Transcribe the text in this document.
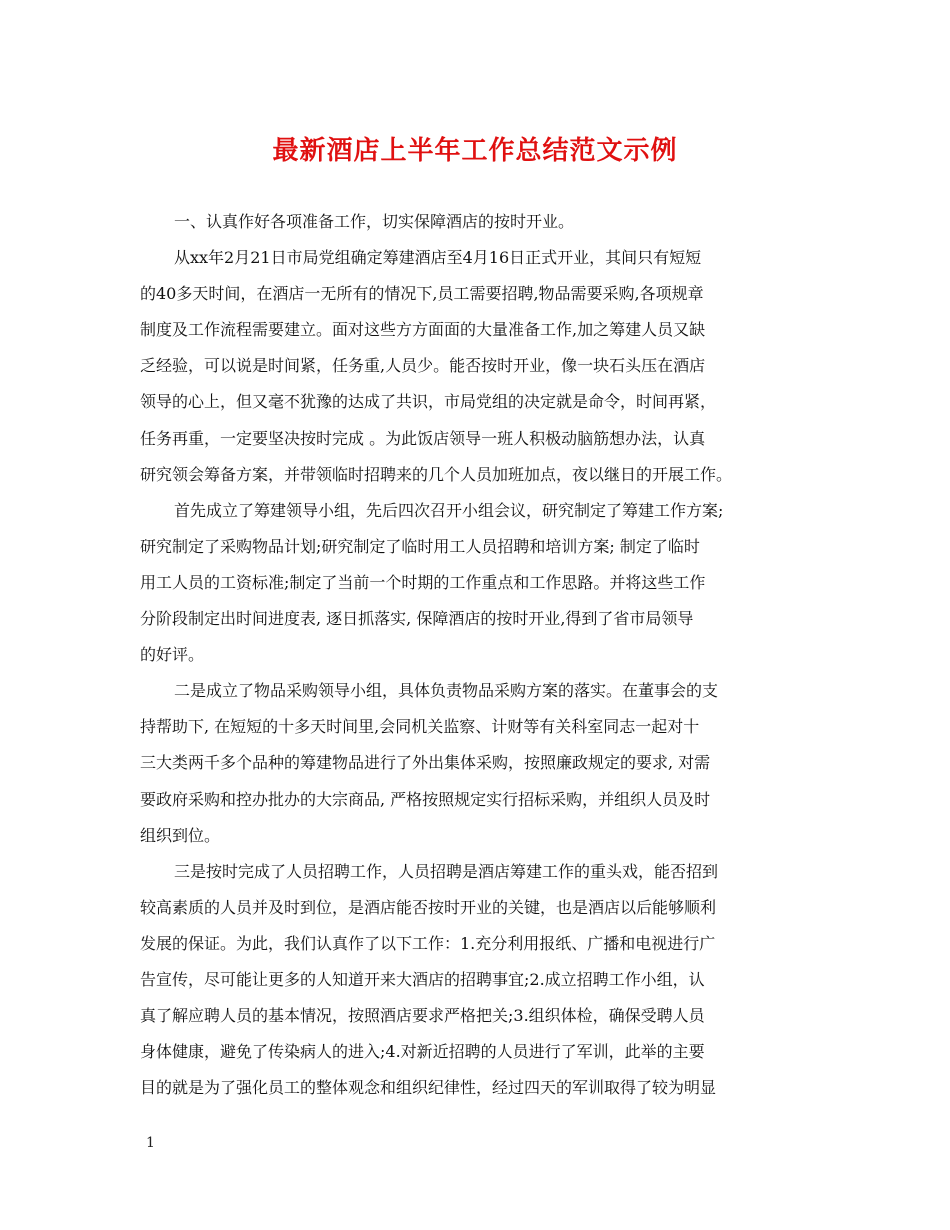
最新酒店上半年工作总结范文示例
一、认真作好各项准备工作，切实保障酒店的按时开业。
从xx年2月21日市局党组确定筹建酒店至4月16日正式开业，其间只有短短
的40多天时间，在酒店一无所有的情况下,员工需要招聘,物品需要采购,各项规章
制度及工作流程需要建立。面对这些方方面面的大量准备工作,加之筹建人员又缺
乏经验，可以说是时间紧，任务重,人员少。能否按时开业，像一块石头压在酒店
领导的心上，但又毫不犹豫的达成了共识，市局党组的决定就是命令，时间再紧，
任务再重，一定要坚决按时完成 。为此饭店领导一班人积极动脑筋想办法，认真
研究领会筹备方案，并带领临时招聘来的几个人员加班加点，夜以继日的开展工作。
首先成立了筹建领导小组，先后四次召开小组会议，研究制定了筹建工作方案;
研究制定了采购物品计划;研究制定了临时用工人员招聘和培训方案; 制定了临时
用工人员的工资标准;制定了当前一个时期的工作重点和工作思路。并将这些工作
分阶段制定出时间进度表, 逐日抓落实, 保障酒店的按时开业,得到了省市局领导
的好评。
二是成立了物品采购领导小组，具体负责物品采购方案的落实。在董事会的支
持帮助下, 在短短的十多天时间里,会同机关监察、计财等有关科室同志一起对十
三大类两千多个品种的筹建物品进行了外出集体采购，按照廉政规定的要求, 对需
要政府采购和控办批办的大宗商品, 严格按照规定实行招标采购，并组织人员及时
组织到位。
三是按时完成了人员招聘工作，人员招聘是酒店筹建工作的重头戏，能否招到
较高素质的人员并及时到位，是酒店能否按时开业的关键，也是酒店以后能够顺利
发展的保证。为此，我们认真作了以下工作：1.充分利用报纸、广播和电视进行广
告宣传，尽可能让更多的人知道开来大酒店的招聘事宜;2.成立招聘工作小组，认
真了解应聘人员的基本情况，按照酒店要求严格把关;3.组织体检，确保受聘人员
身体健康，避免了传染病人的进入;4.对新近招聘的人员进行了军训，此举的主要
目的就是为了强化员工的整体观念和组织纪律性，经过四天的军训取得了较为明显
1
